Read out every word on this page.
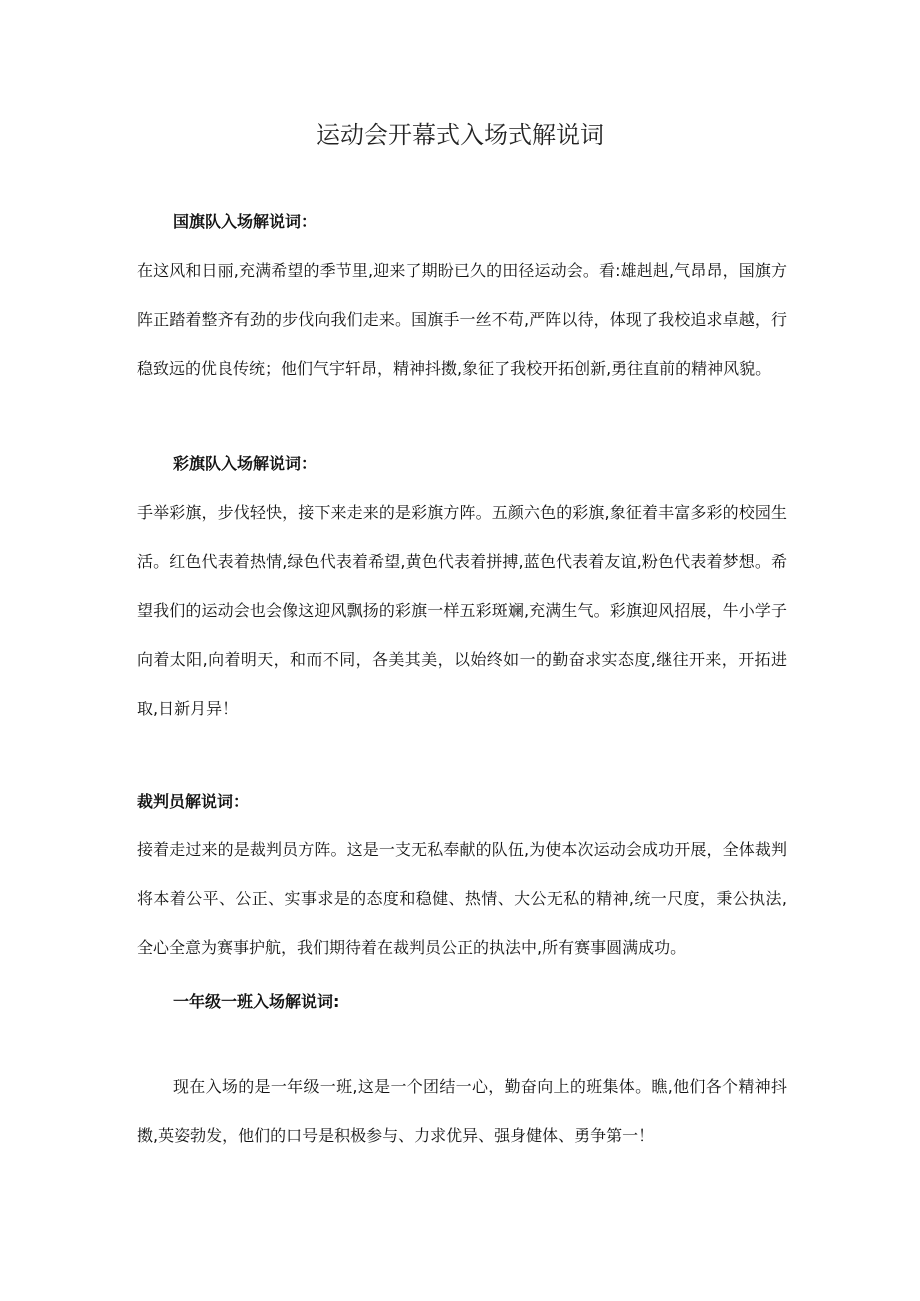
运动会开幕式入场式解说词
国旗队入场解说词：
在这风和日丽,充满希望的季节里,迎来了期盼已久的田径运动会。看:雄赳赳,气昂昂，国旗方阵正踏着整齐有劲的步伐向我们走来。国旗手一丝不苟,严阵以待，体现了我校追求卓越，行稳致远的优良传统；他们气宇轩昂，精神抖擞,象征了我校开拓创新,勇往直前的精神风貌。
彩旗队入场解说词：
手举彩旗，步伐轻快，接下来走来的是彩旗方阵。五颜六色的彩旗,象征着丰富多彩的校园生活。红色代表着热情,绿色代表着希望,黄色代表着拼搏,蓝色代表着友谊,粉色代表着梦想。希望我们的运动会也会像这迎风飘扬的彩旗一样五彩斑斓,充满生气。彩旗迎风招展，牛小学子向着太阳,向着明天，和而不同，各美其美，以始终如一的勤奋求实态度,继往开来，开拓进取,日新月异！
裁判员解说词：
接着走过来的是裁判员方阵。这是一支无私奉献的队伍,为使本次运动会成功开展，全体裁判将本着公平、公正、实事求是的态度和稳健、热情、大公无私的精神,统一尺度，秉公执法,全心全意为赛事护航，我们期待着在裁判员公正的执法中,所有赛事圆满成功。
一年级一班入场解说词:
现在入场的是一年级一班,这是一个团结一心，勤奋向上的班集体。瞧,他们各个精神抖擞,英姿勃发，他们的口号是积极参与、力求优异、强身健体、勇争第一！
